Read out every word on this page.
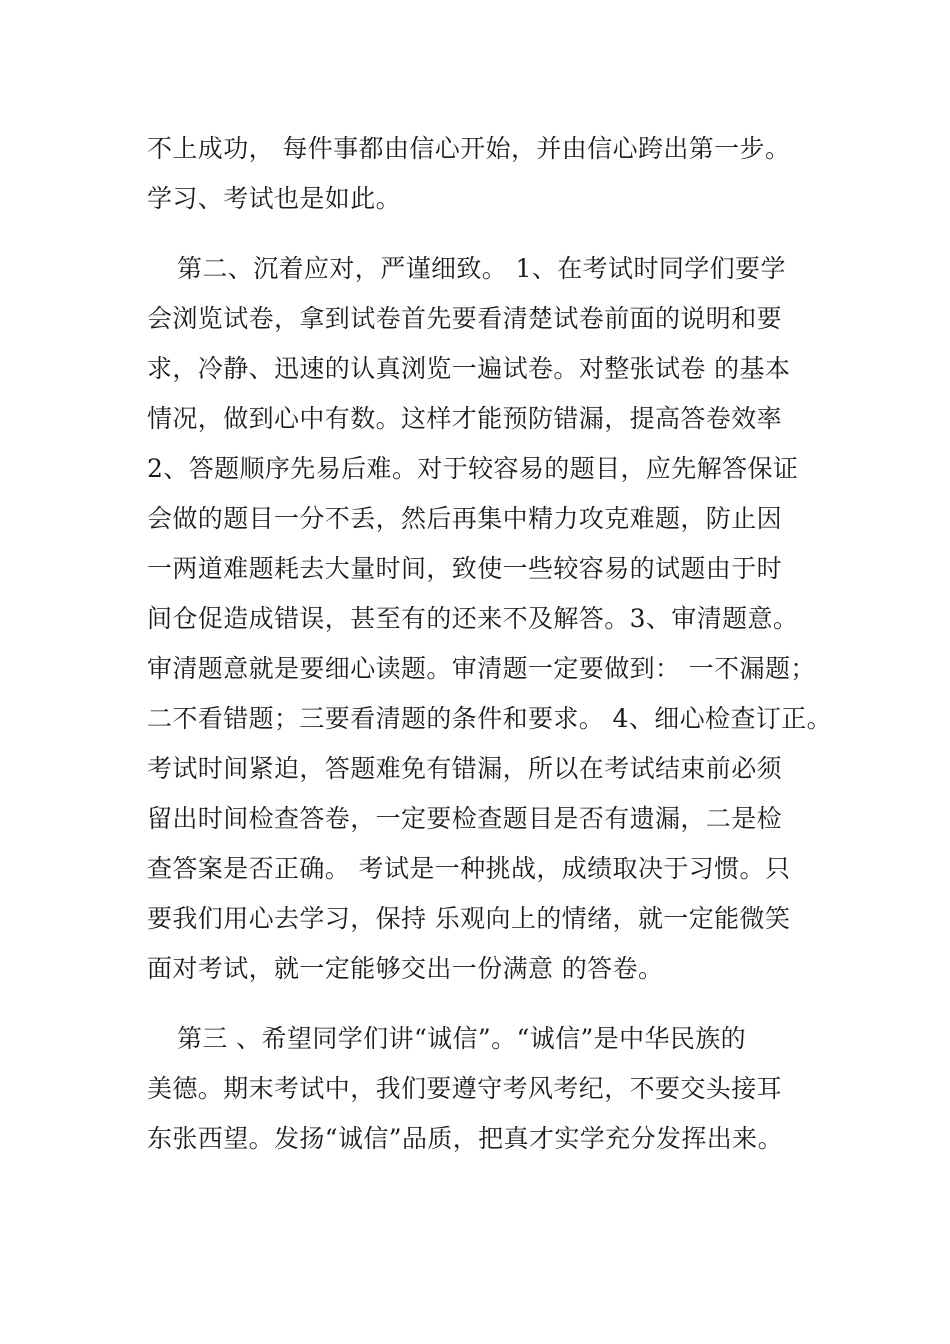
不上成功， 每件事都由信心开始，并由信心跨出第一步。

学习、考试也是如此。

第二、沉着应对，严谨细致。 1、在考试时同学们要学

会浏览试卷，拿到试卷首先要看清楚试卷前面的说明和要

求，冷静、迅速的认真浏览一遍试卷。对整张试卷 的基本

情况，做到心中有数。这样才能预防错漏，提高答卷效率

2、答题顺序先易后难。对于较容易的题目，应先解答保证

会做的题目一分不丢，然后再集中精力攻克难题，防止因

一两道难题耗去大量时间，致使一些较容易的试题由于时

间仓促造成错误，甚至有的还来不及解答。3、审清题意。

审清题意就是要细心读题。审清题一定要做到： 一不漏题；

二不看错题；三要看清题的条件和要求。 4、细心检查订正。

考试时间紧迫，答题难免有错漏，所以在考试结束前必须

留出时间检查答卷，一定要检查题目是否有遗漏，二是检

查答案是否正确。 考试是一种挑战，成绩取决于习惯。只

要我们用心去学习，保持 乐观向上的情绪，就一定能微笑

面对考试，就一定能够交出一份满意 的答卷。

第三 、希望同学们讲“诚信”。“诚信”是中华民族的

美德。期末考试中，我们要遵守考风考纪，不要交头接耳

东张西望。发扬“诚信”品质，把真才实学充分发挥出来。
